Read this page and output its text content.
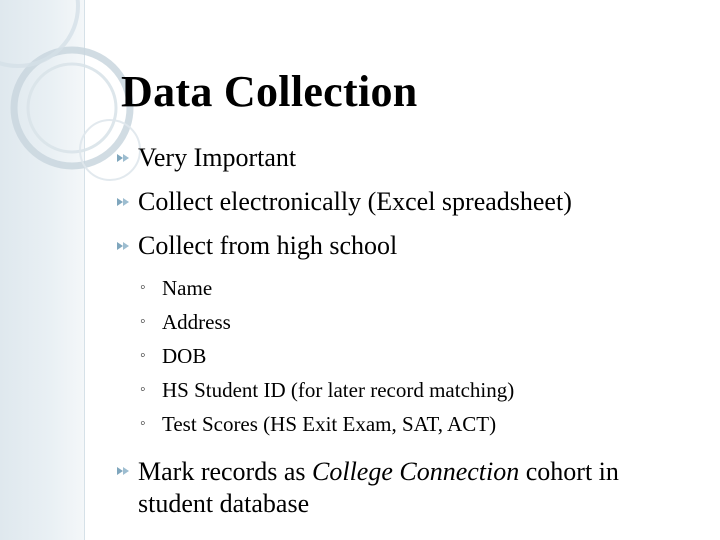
Data Collection
Very Important
Collect electronically (Excel spreadsheet)
Collect from high school
◦ Name
◦ Address
◦ DOB
◦ HS Student ID (for later record matching)
◦ Test Scores (HS Exit Exam, SAT, ACT)
Mark records as College Connection cohort in student database
